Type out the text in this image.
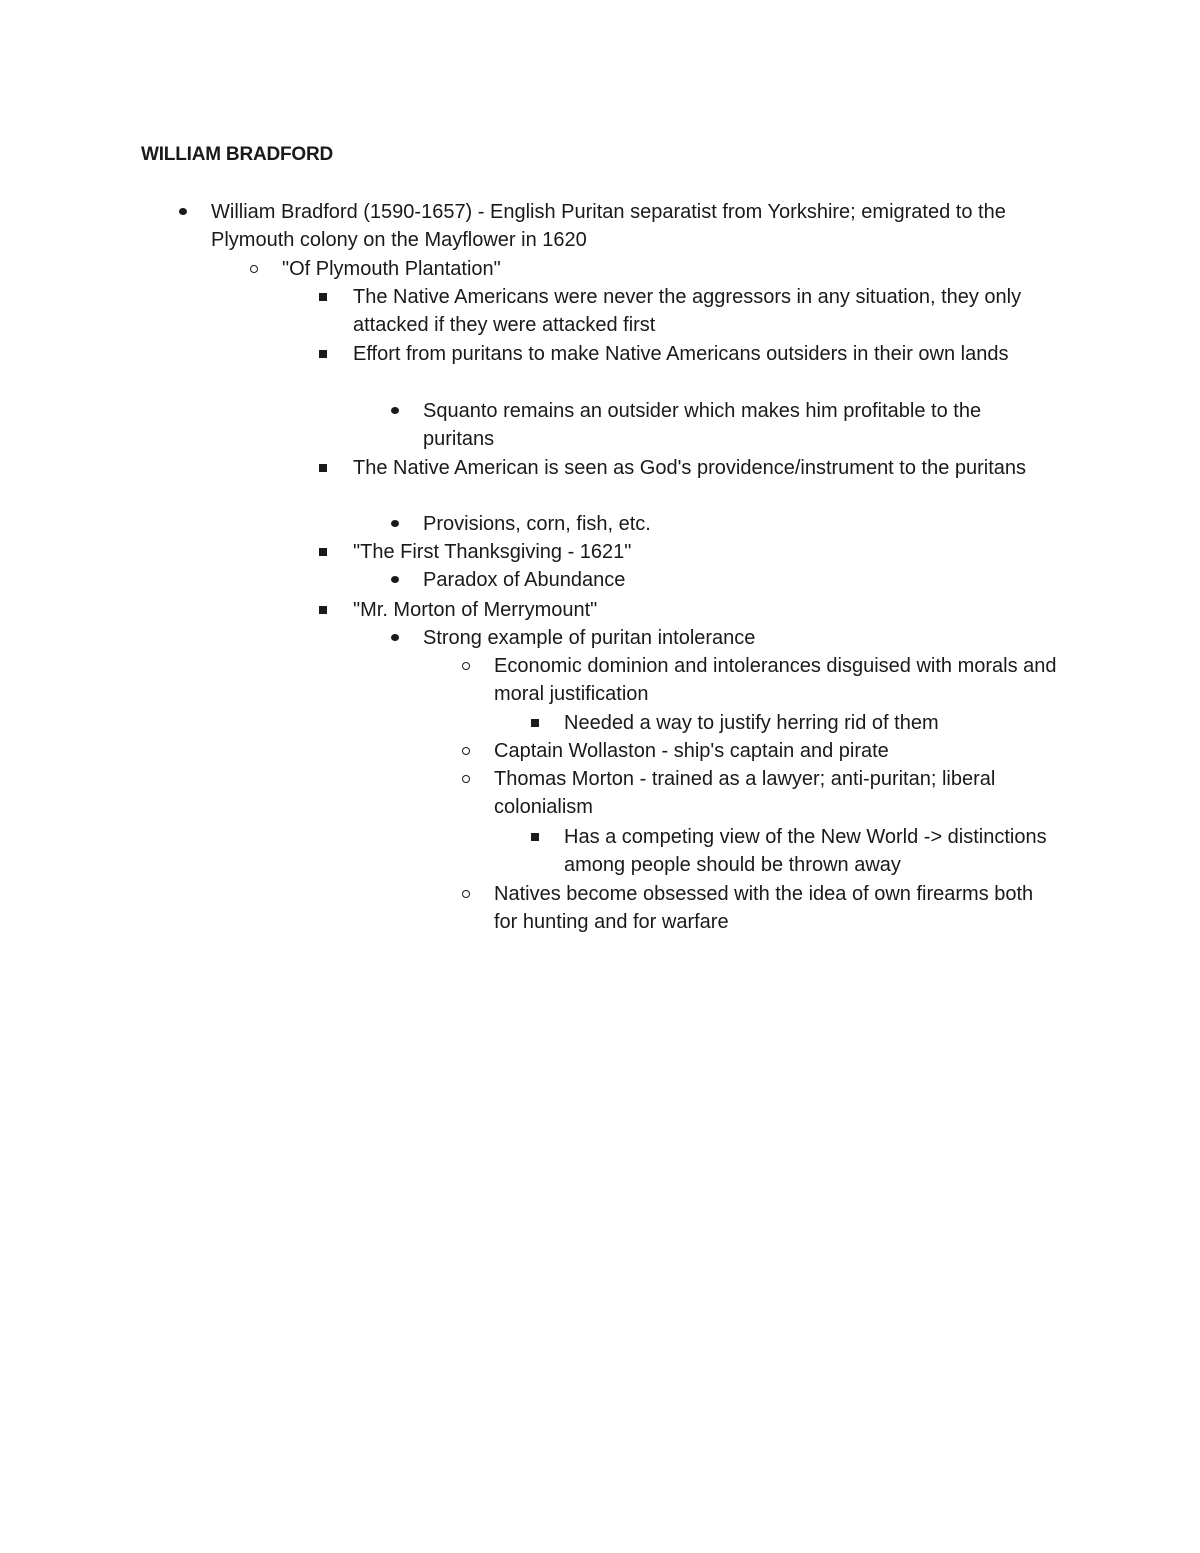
WILLIAM BRADFORD
William Bradford (1590-1657) - English Puritan separatist from Yorkshire; emigrated to the Plymouth colony on the Mayflower in 1620
"Of Plymouth Plantation"
The Native Americans were never the aggressors in any situation, they only attacked if they were attacked first
Effort from puritans to make Native Americans outsiders in their own lands
Squanto remains an outsider which makes him profitable to the puritans
The Native American is seen as God's providence/instrument to the puritans
Provisions, corn, fish, etc.
"The First Thanksgiving - 1621"
Paradox of Abundance
"Mr. Morton of Merrymount"
Strong example of puritan intolerance
Economic dominion and intolerances disguised with morals and moral justification
Needed a way to justify herring rid of them
Captain Wollaston - ship's captain and pirate
Thomas Morton - trained as a lawyer; anti-puritan; liberal colonialism
Has a competing view of the New World -> distinctions among people should be thrown away
Natives become obsessed with the idea of own firearms both for hunting and for warfare
